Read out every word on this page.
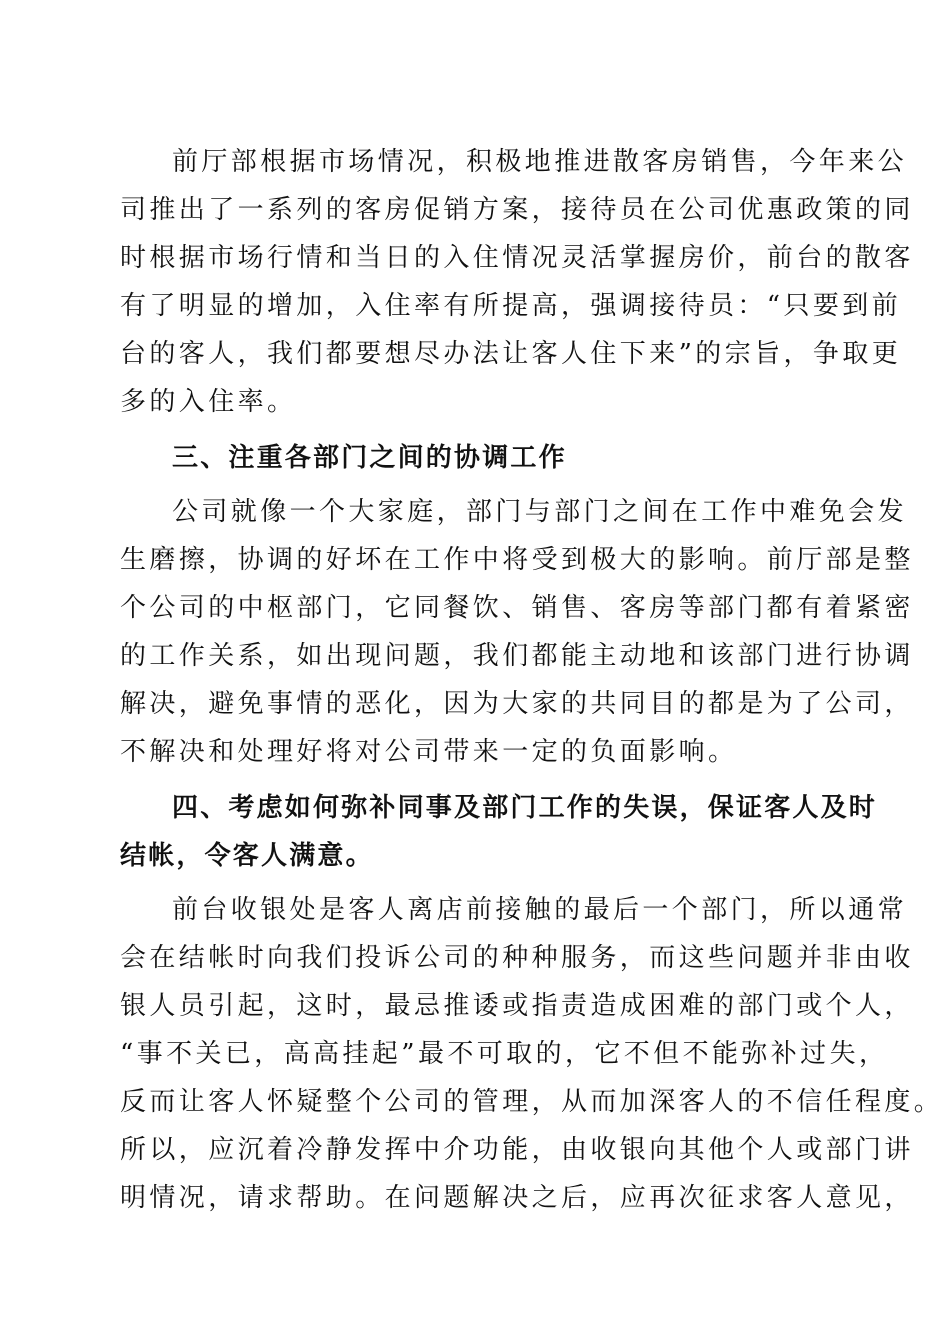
前厅部根据市场情况，积极地推进散客房销售，今年来公
司推出了一系列的客房促销方案，接待员在公司优惠政策的同
时根据市场行情和当日的入住情况灵活掌握房价，前台的散客
有了明显的增加，入住率有所提高，强调接待员：“只要到前
台的客人，我们都要想尽办法让客人住下来”的宗旨，争取更
多的入住率。
三、注重各部门之间的协调工作
公司就像一个大家庭，部门与部门之间在工作中难免会发
生磨擦，协调的好坏在工作中将受到极大的影响。前厅部是整
个公司的中枢部门，它同餐饮、销售、客房等部门都有着紧密
的工作关系，如出现问题，我们都能主动地和该部门进行协调
解决，避免事情的恶化，因为大家的共同目的都是为了公司，
不解决和处理好将对公司带来一定的负面影响。
四、考虑如何弥补同事及部门工作的失误，保证客人及时
结帐，令客人满意。
前台收银处是客人离店前接触的最后一个部门，所以通常
会在结帐时向我们投诉公司的种种服务，而这些问题并非由收
银人员引起，这时，最忌推诿或指责造成困难的部门或个人，
“事不关已，高高挂起”最不可取的，它不但不能弥补过失，
反而让客人怀疑整个公司的管理，从而加深客人的不信任程度。
所以，应沉着冷静发挥中介功能，由收银向其他个人或部门讲
明情况，请求帮助。在问题解决之后，应再次征求客人意见，
